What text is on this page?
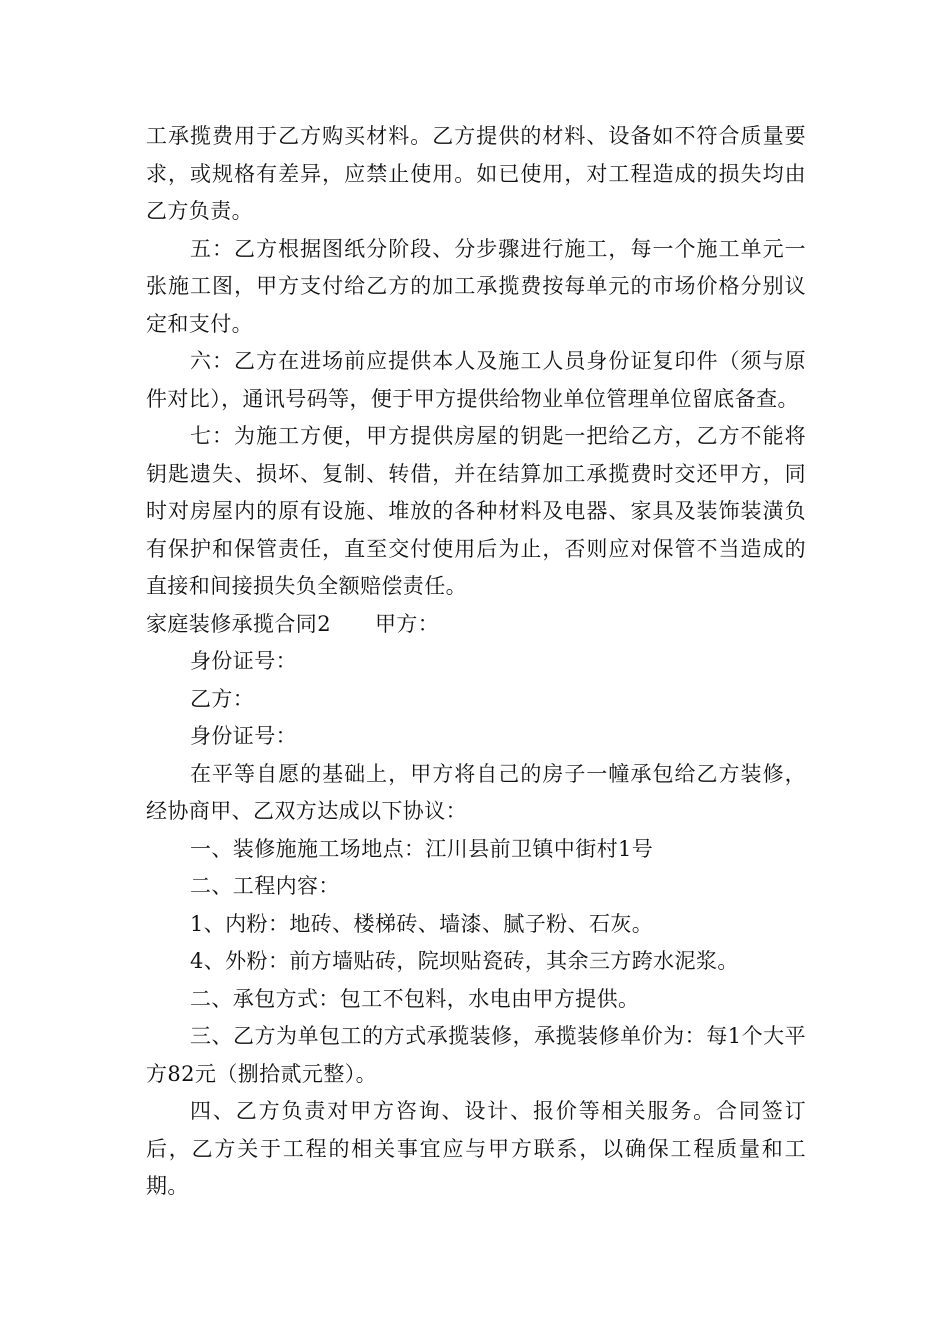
工承揽费用于乙方购买材料。乙方提供的材料、设备如不符合质量要求，或规格有差异，应禁止使用。如已使用，对工程造成的损失均由乙方负责。

五：乙方根据图纸分阶段、分步骤进行施工，每一个施工单元一张施工图，甲方支付给乙方的加工承揽费按每单元的市场价格分别议定和支付。

六：乙方在进场前应提供本人及施工人员身份证复印件（须与原件对比），通讯号码等，便于甲方提供给物业单位管理单位留底备查。

七：为施工方便，甲方提供房屋的钥匙一把给乙方，乙方不能将钥匙遗失、损坏、复制、转借，并在结算加工承揽费时交还甲方，同时对房屋内的原有设施、堆放的各种材料及电器、家具及装饰装潢负有保护和保管责任，直至交付使用后为止，否则应对保管不当造成的直接和间接损失负全额赔偿责任。

家庭装修承揽合同2 甲方：

身份证号：

乙方：

身份证号：

在平等自愿的基础上，甲方将自己的房子一幢承包给乙方装修，经协商甲、乙双方达成以下协议：

一、装修施施工场地点：江川县前卫镇中街村1号

二、工程内容：

1、内粉：地砖、楼梯砖、墙漆、腻子粉、石灰。

4、外粉：前方墙贴砖，院坝贴瓷砖，其余三方跨水泥浆。

二、承包方式：包工不包料，水电由甲方提供。

三、乙方为单包工的方式承揽装修，承揽装修单价为：每1个大平方82元（捌拾贰元整）。

四、乙方负责对甲方咨询、设计、报价等相关服务。合同签订后，乙方关于工程的相关事宜应与甲方联系，以确保工程质量和工期。
